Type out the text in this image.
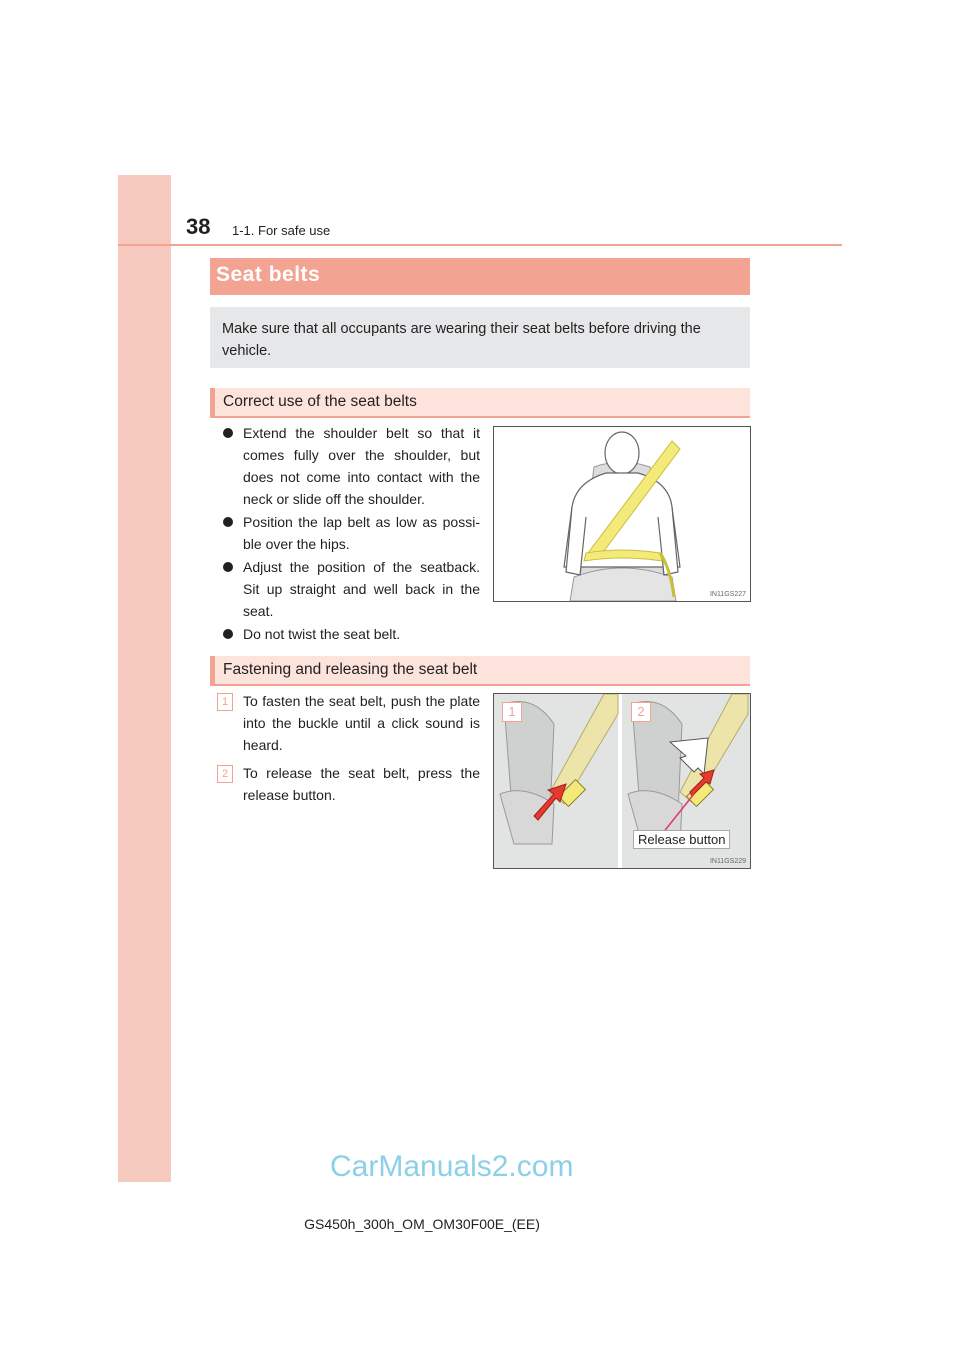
38 1-1. For safe use
Seat belts

Make sure that all occupants are wearing their seat belts before driving the vehicle.

Correct use of the seat belts
Extend the shoulder belt so that it comes fully over the shoulder, but does not come into contact with the neck or slide off the shoulder.
Position the lap belt as low as possi-ble over the hips.
Adjust the position of the seatback. Sit up straight and well back in the seat.
Do not twist the seat belt.
IN11GS227
Fastening and releasing the seat belt
1	To fasten the seat belt, push the plate into the buckle until a click sound is heard.
2	To release the seat belt, press the release button.
1	2
IN11GS229
Release button
CarManuals2.com
GS450h_300h_OM_OM30F00E_(EE)
